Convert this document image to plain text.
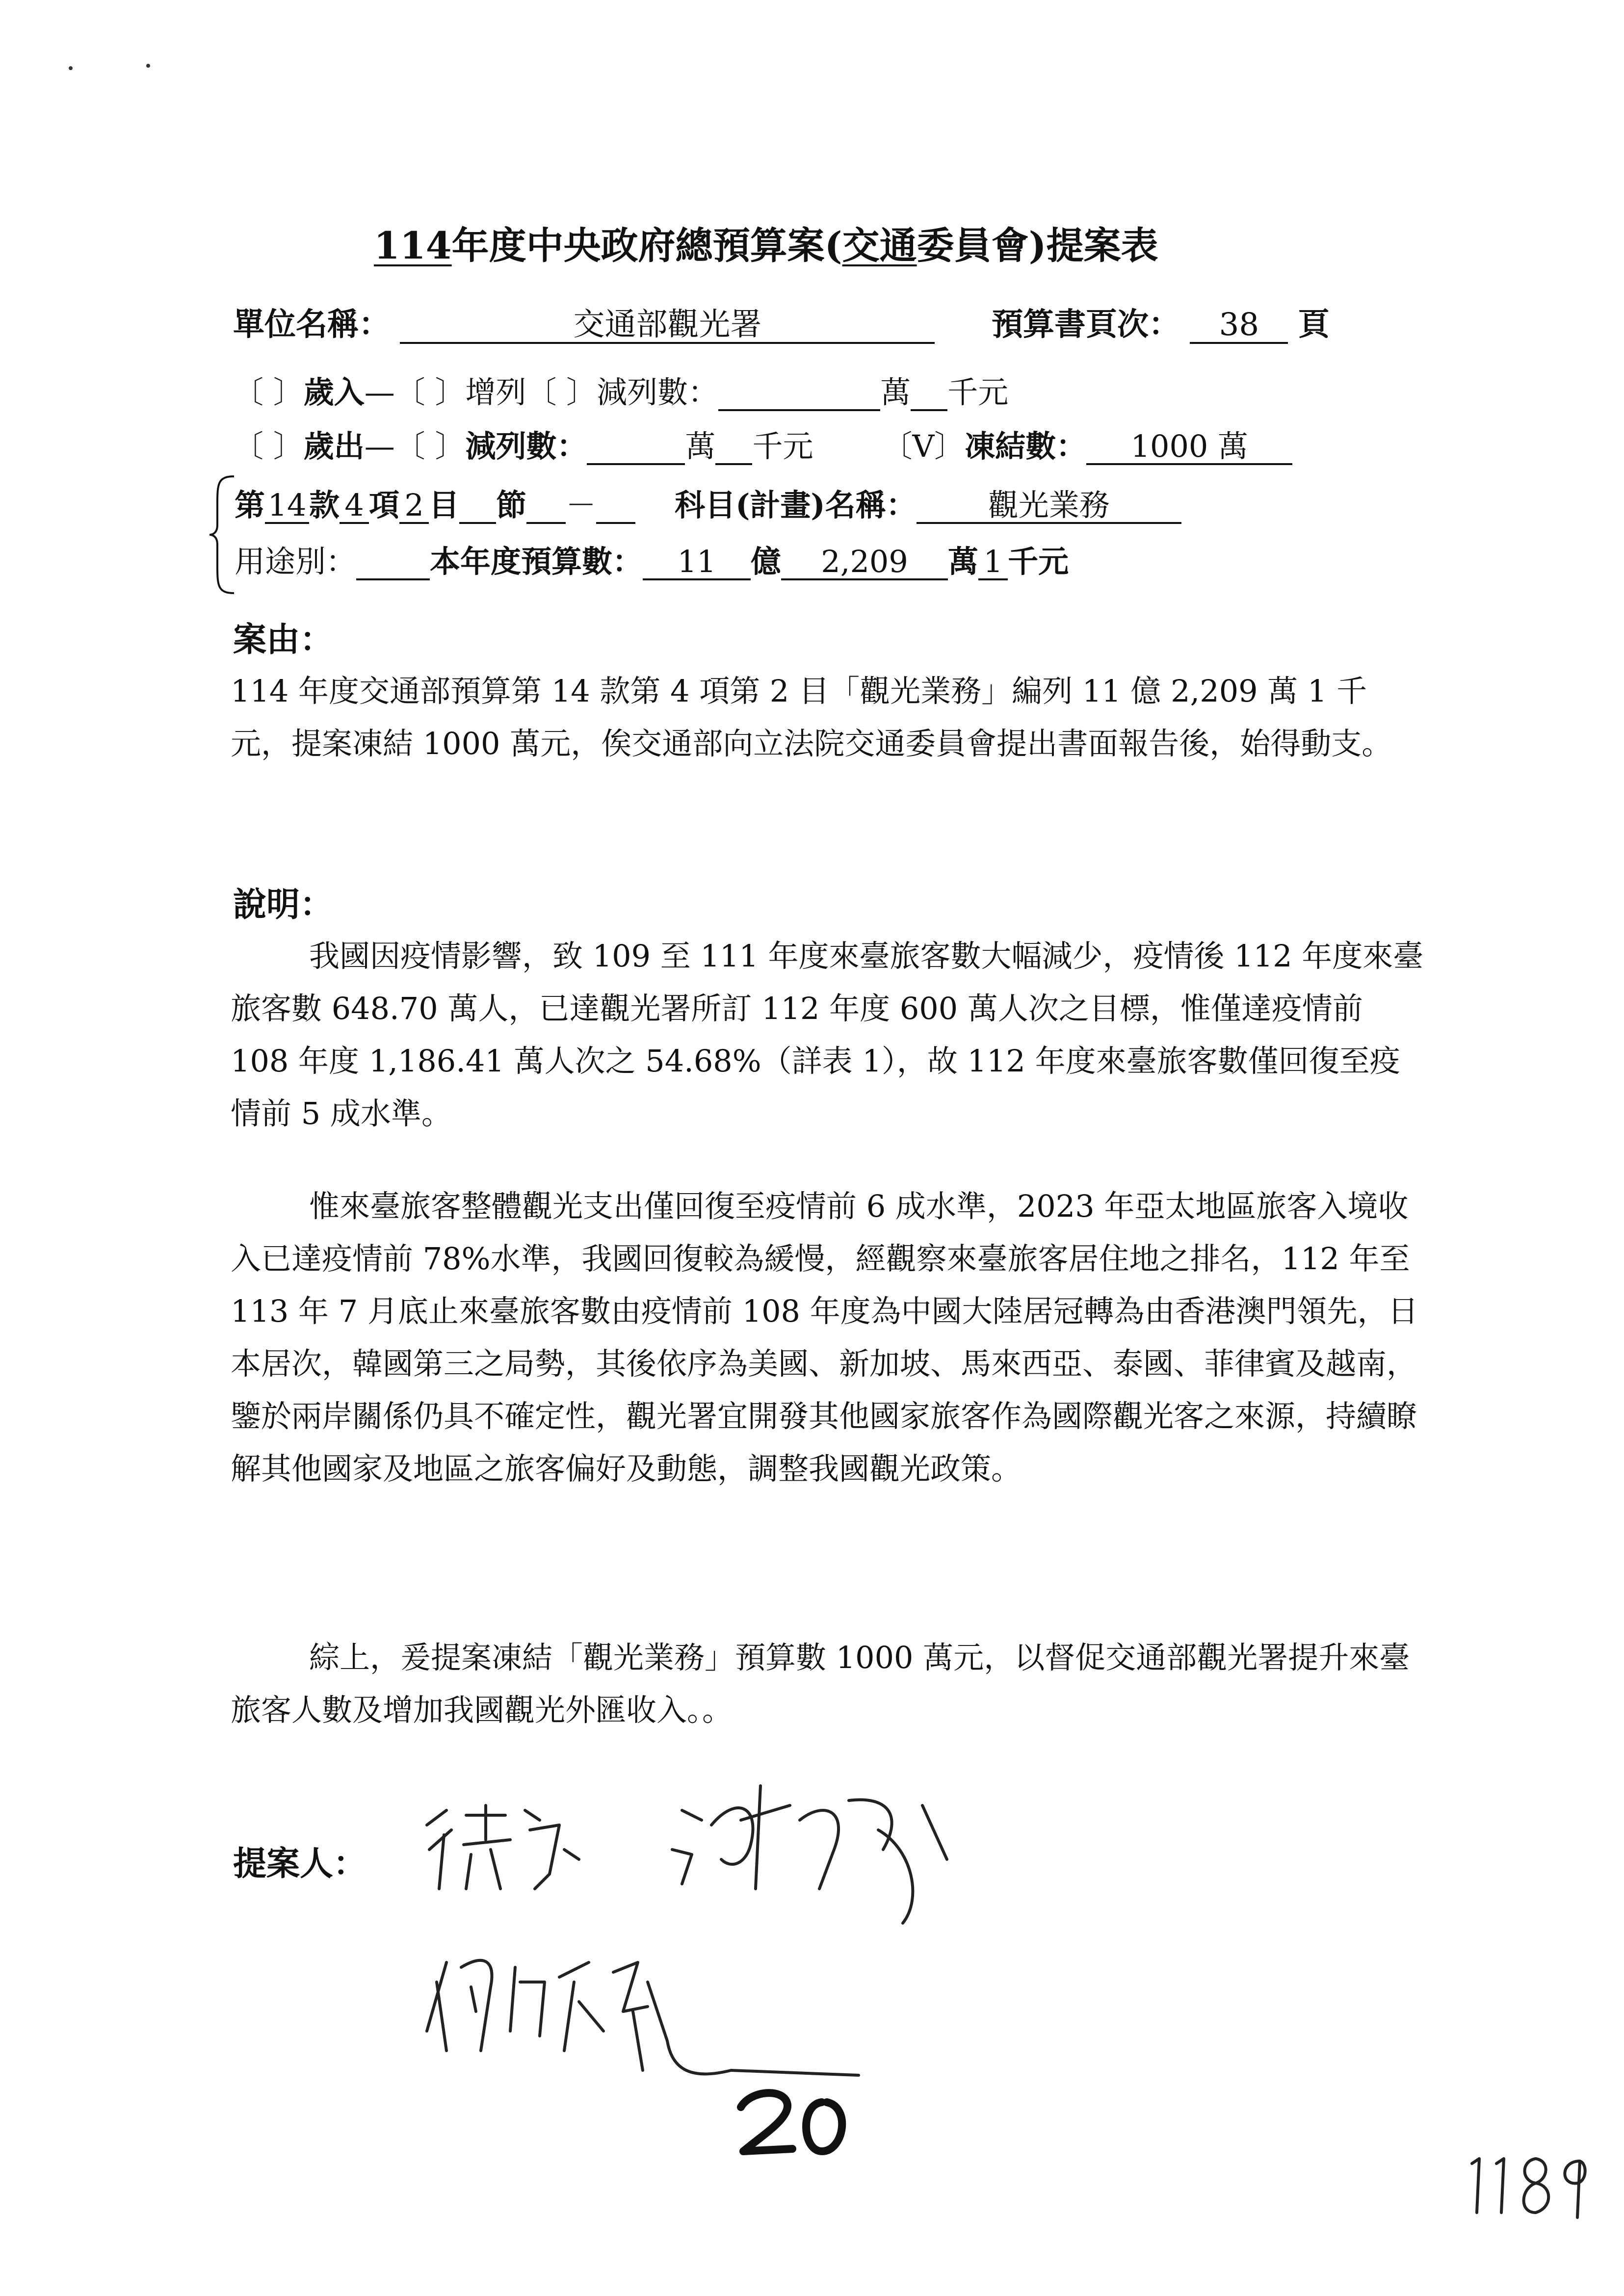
114年度中央政府總預算案(交通委員會)提案表
單位名稱：	交通部觀光署	預算書頁次： 38 頁
〔 〕歲入—〔 〕增列〔 〕減列數：	萬 千元
〔 〕歲出—〔 〕減列數：	萬 千元 〔V〕凍結數： 1000 萬
第14款 4 項 2 目 節 －	科目(計畫)名稱： 觀光業務
用途別： 本年度預算數： 11 億 2,209 萬 1 千元
案由：
114 年度交通部預算第 14 款第 4 項第 2 目「觀光業務」編列 11 億 2,209 萬 1 千元，提案凍結 1000 萬元，俟交通部向立法院交通委員會提出書面報告後，始得動支。
說明：
我國因疫情影響，致 109 至 111 年度來臺旅客數大幅減少，疫情後 112 年度來臺旅客數 648.70 萬人，已達觀光署所訂 112 年度 600 萬人次之目標，惟僅達疫情前 108 年度 1,186.41 萬人次之 54.68%（詳表 1），故 112 年度來臺旅客數僅回復至疫情前 5 成水準。
惟來臺旅客整體觀光支出僅回復至疫情前 6 成水準，2023 年亞太地區旅客入境收入已達疫情前 78%水準，我國回復較為緩慢，經觀察來臺旅客居住地之排名，112 年至 113 年 7 月底止來臺旅客數由疫情前 108 年度為中國大陸居冠轉為由香港澳門領先，日本居次，韓國第三之局勢，其後依序為美國、新加坡、馬來西亞、泰國、菲律賓及越南，鑒於兩岸關係仍具不確定性，觀光署宜開發其他國家旅客作為國際觀光客之來源，持續瞭解其他國家及地區之旅客偏好及動態，調整我國觀光政策。
綜上，爰提案凍結「觀光業務」預算數 1000 萬元，以督促交通部觀光署提升來臺旅客人數及增加我國觀光外匯收入。。
提案人：
